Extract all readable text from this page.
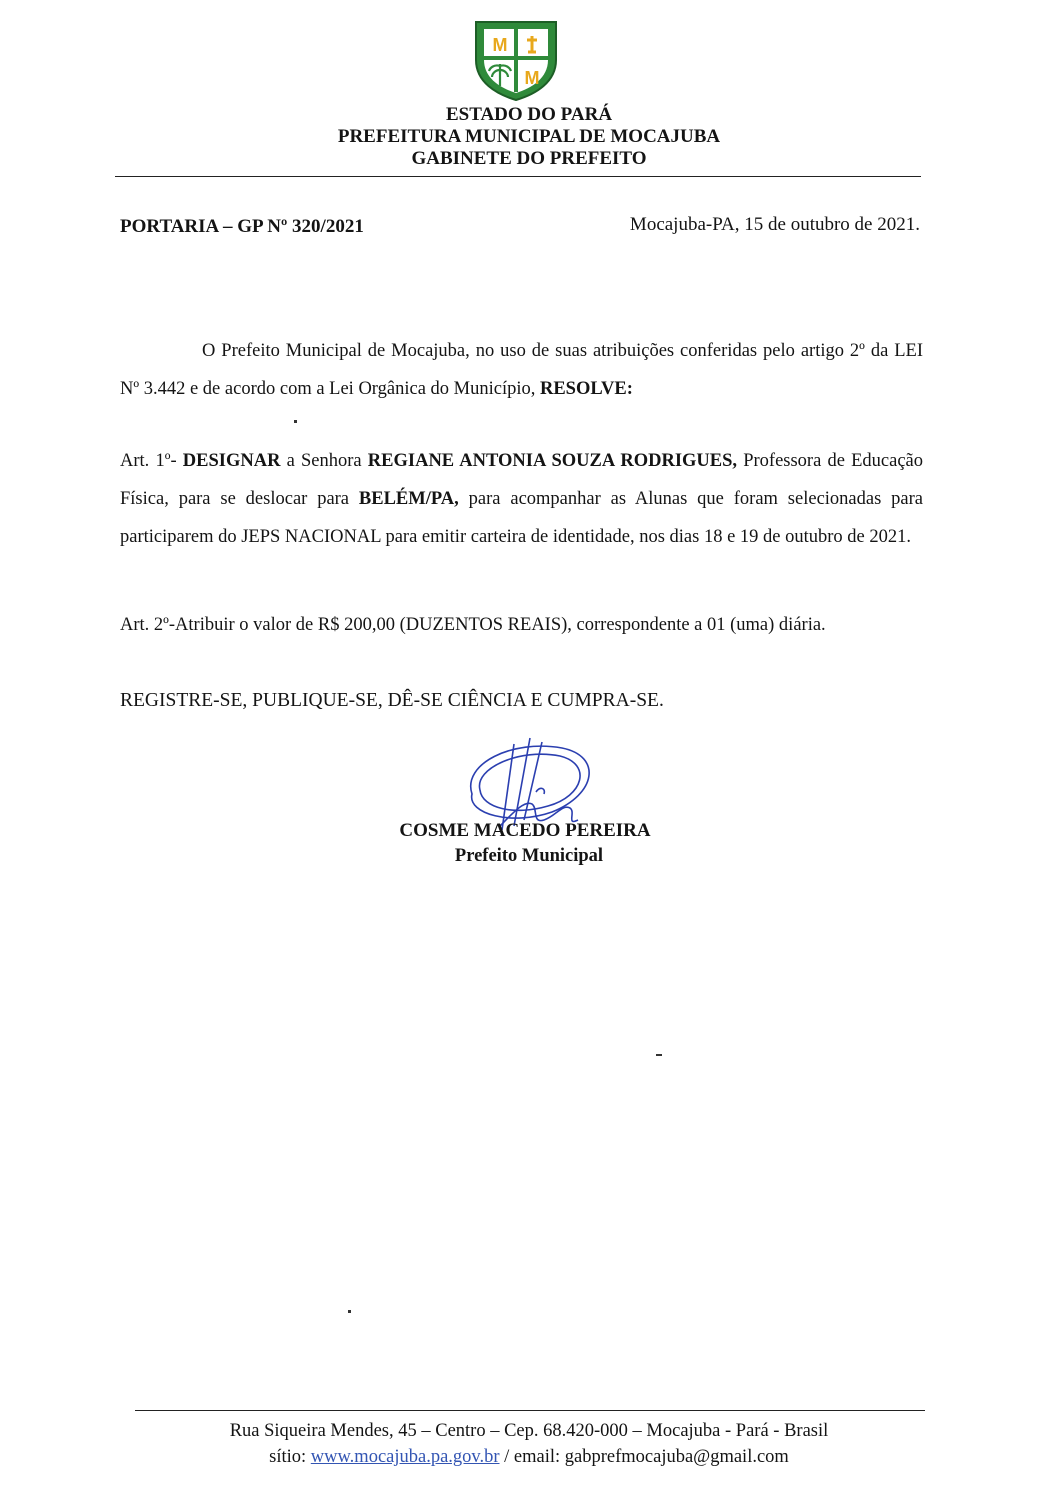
M
M
ESTADO DO PARÁ
PREFEITURA MUNICIPAL DE MOCAJUBA
GABINETE DO PREFEITO
PORTARIA – GP Nº 320/2021	Mocajuba-PA, 15 de outubro de 2021.
O Prefeito Municipal de Mocajuba, no uso de suas atribuições conferidas pelo artigo 2º da LEI Nº 3.442 e de acordo com a Lei Orgânica do Município, RESOLVE:
Art. 1º- DESIGNAR a Senhora REGIANE ANTONIA SOUZA RODRIGUES, Professora de Educação Física, para se deslocar para BELÉM/PA, para acompanhar as Alunas que foram selecionadas para participarem do JEPS NACIONAL para emitir carteira de identidade, nos dias 18 e 19 de outubro de 2021.
Art. 2º-Atribuir o valor de R$ 200,00 (DUZENTOS REAIS), correspondente a 01 (uma) diária.
REGISTRE-SE, PUBLIQUE-SE, DÊ-SE CIÊNCIA E CUMPRA-SE.
COSME MACEDO PEREIRA
Prefeito Municipal
Rua Siqueira Mendes, 45 – Centro – Cep. 68.420-000 – Mocajuba - Pará - Brasil
sítio: www.mocajuba.pa.gov.br / email: gabprefmocajuba@gmail.com
